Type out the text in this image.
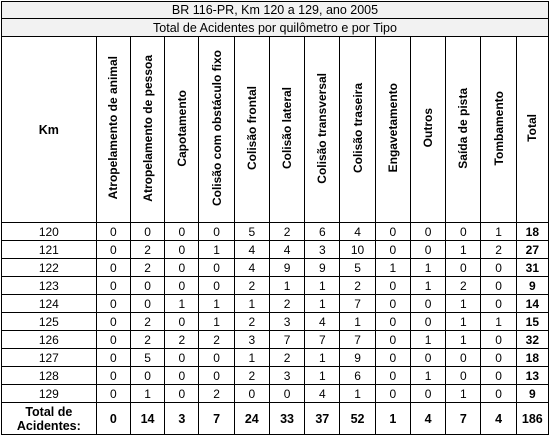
BR 116-PR, Km 120 a 129, ano 2005													
Total de Acidentes por quilômetro e por Tipo													
Km	Atropelamento de animal	Atropelamento de pessoa	Capotamento	Colisão com obstáculo fixo	Colisão frontal	Colisão lateral	Colisão transversal	Colisão traseira	Engavetamento	Outros	Saída de pista	Tombamento	Total
120	0	0	0	0	5	2	6	4	0	0	0	1	18
121	0	2	0	1	4	4	3	10	0	0	1	2	27
122	0	2	0	0	4	9	9	5	1	1	0	0	31
123	0	0	0	0	2	1	1	2	0	1	2	0	9
124	0	0	1	1	1	2	1	7	0	0	1	0	14
125	0	2	0	1	2	3	4	1	0	0	1	1	15
126	0	2	2	2	3	7	7	7	0	1	1	0	32
127	0	5	0	0	1	2	1	9	0	0	0	0	18
128	0	0	0	0	2	3	1	6	0	1	0	0	13
129	0	1	0	2	0	0	4	1	0	0	1	0	9
Total de
Acidentes:	0	14	3	7	24	33	37	52	1	4	7	4	186
